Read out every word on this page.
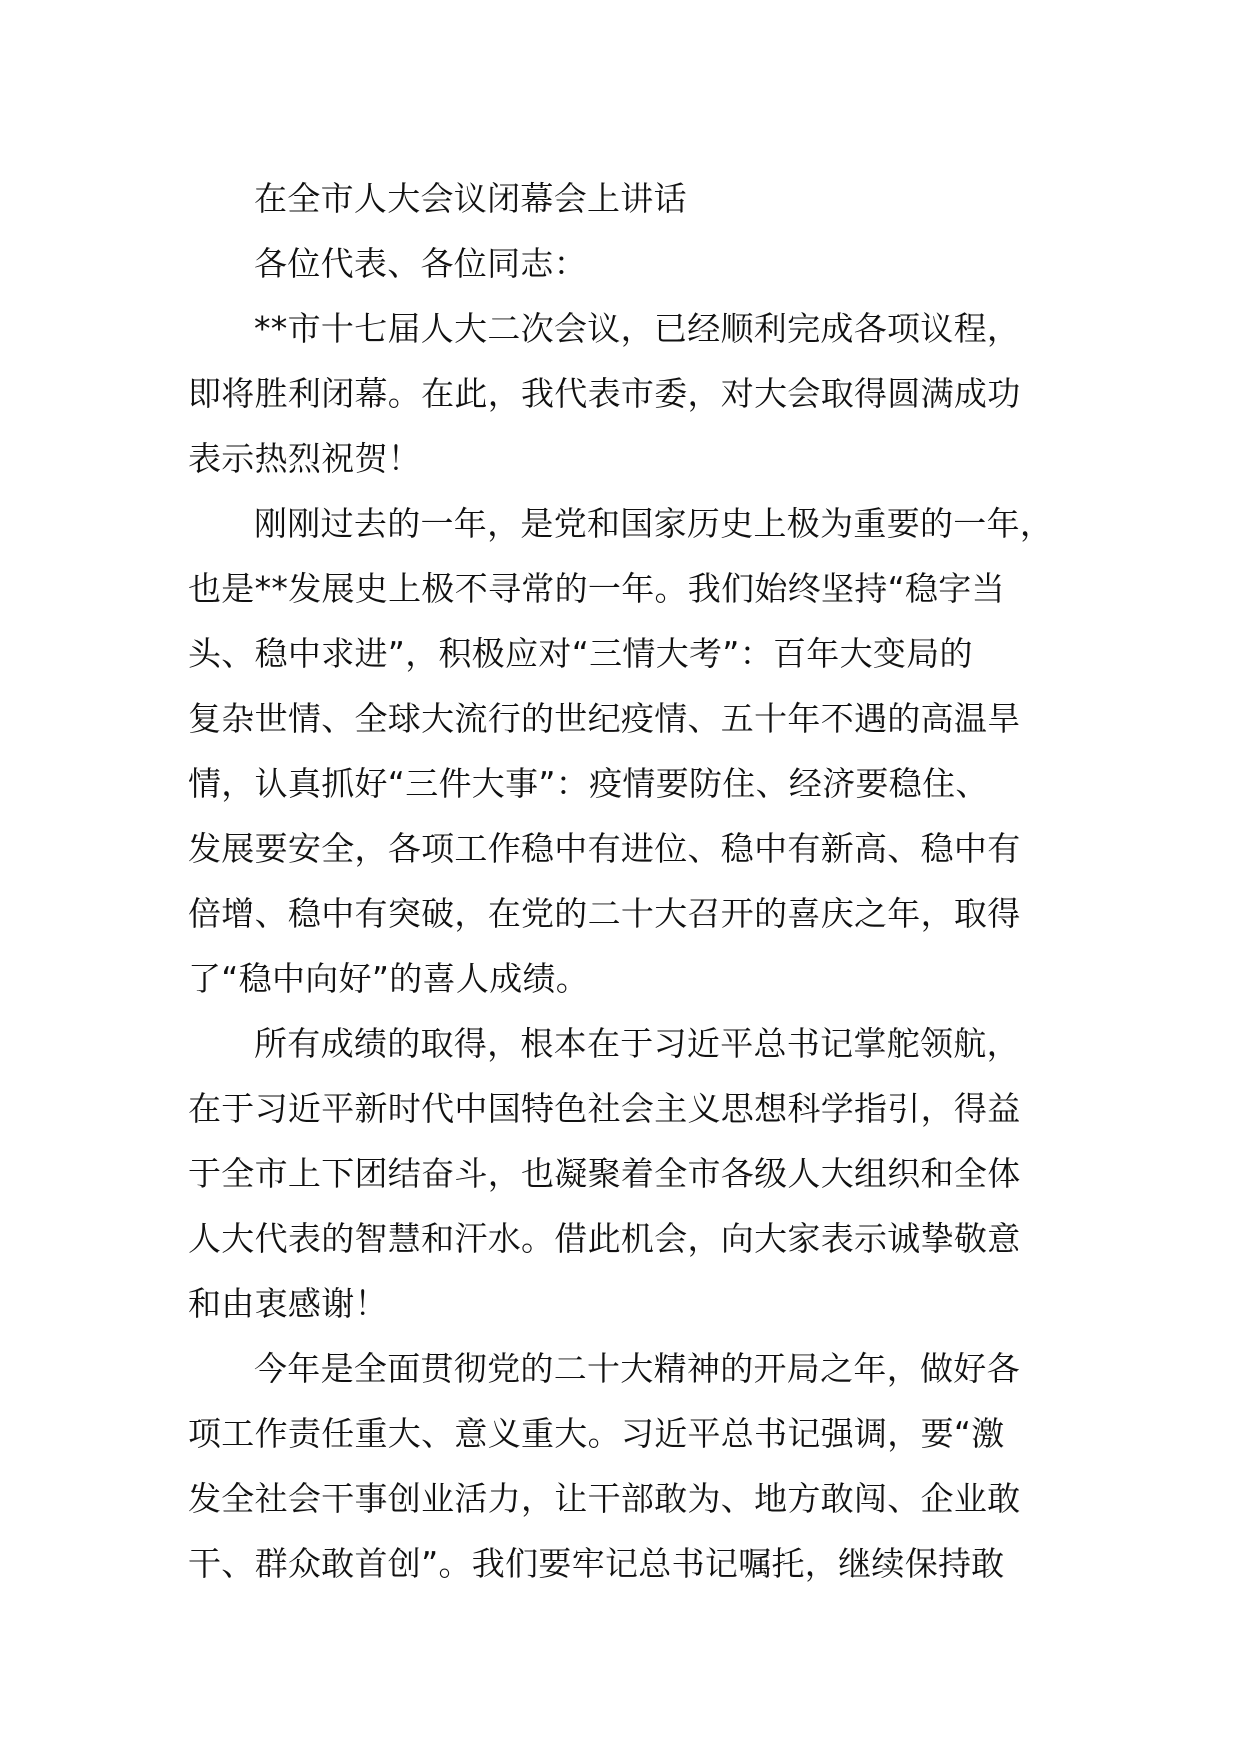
在全市人大会议闭幕会上讲话
各位代表、各位同志：
**市十七届人大二次会议，已经顺利完成各项议程，
即将胜利闭幕。在此，我代表市委，对大会取得圆满成功
表示热烈祝贺！
刚刚过去的一年，是党和国家历史上极为重要的一年，
也是**发展史上极不寻常的一年。我们始终坚持“稳字当
头、稳中求进”，积极应对“三情大考”：百年大变局的
复杂世情、全球大流行的世纪疫情、五十年不遇的高温旱
情，认真抓好“三件大事”：疫情要防住、经济要稳住、
发展要安全，各项工作稳中有进位、稳中有新高、稳中有
倍增、稳中有突破，在党的二十大召开的喜庆之年，取得
了“稳中向好”的喜人成绩。
所有成绩的取得，根本在于习近平总书记掌舵领航，
在于习近平新时代中国特色社会主义思想科学指引，得益
于全市上下团结奋斗，也凝聚着全市各级人大组织和全体
人大代表的智慧和汗水。借此机会，向大家表示诚挚敬意
和由衷感谢！
今年是全面贯彻党的二十大精神的开局之年，做好各
项工作责任重大、意义重大。习近平总书记强调，要“激
发全社会干事创业活力，让干部敢为、地方敢闯、企业敢
干、群众敢首创”。我们要牢记总书记嘱托，继续保持敢
